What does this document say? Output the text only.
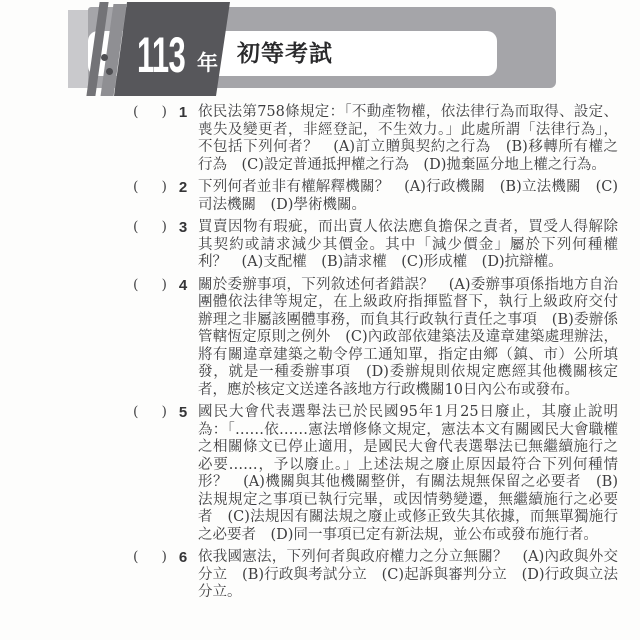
113 年 初等考試
( ) 1 依民法第758條規定：「不動產物權，依法律行為而取得、設定、喪失及變更者，非經登記，不生效力。」此處所謂「法律行為」，不包括下列何者？　(A)訂立贈與契約之行為　(B)移轉所有權之行為　(C)設定普通抵押權之行為　(D)拋棄區分地上權之行為。
( ) 2 下列何者並非有權解釋機關？　(A)行政機關　(B)立法機關　(C)司法機關　(D)學術機關。
( ) 3 買賣因物有瑕疵，而出賣人依法應負擔保之責者，買受人得解除其契約或請求減少其價金。其中「減少價金」屬於下列何種權利？　(A)支配權　(B)請求權　(C)形成權　(D)抗辯權。
( ) 4 關於委辦事項，下列敘述何者錯誤？　(A)委辦事項係指地方自治團體依法律等規定，在上級政府指揮監督下，執行上級政府交付辦理之非屬該團體事務，而負其行政執行責任之事項　(B)委辦係管轄恆定原則之例外　(C)內政部依建築法及違章建築處理辦法，將有關違章建築之勒令停工通知單，指定由鄉（鎮、市）公所填發，就是一種委辦事項　(D)委辦規則依規定應經其他機關核定者，應於核定文送達各該地方行政機關10日內公布或發布。
( ) 5 國民大會代表選舉法已於民國95年1月25日廢止，其廢止說明為：「……依……憲法增修條文規定，憲法本文有關國民大會職權之相關條文已停止適用，是國民大會代表選舉法已無繼續施行之必要……，予以廢止。」上述法規之廢止原因最符合下列何種情形？　(A)機關與其他機關整併，有關法規無保留之必要者　(B)法規規定之事項已執行完畢，或因情勢變遷，無繼續施行之必要者　(C)法規因有關法規之廢止或修正致失其依據，而無單獨施行之必要者　(D)同一事項已定有新法規，並公布或發布施行者。
( ) 6 依我國憲法，下列何者與政府權力之分立無關？　(A)內政與外交分立　(B)行政與考試分立　(C)起訴與審判分立　(D)行政與立法分立。
